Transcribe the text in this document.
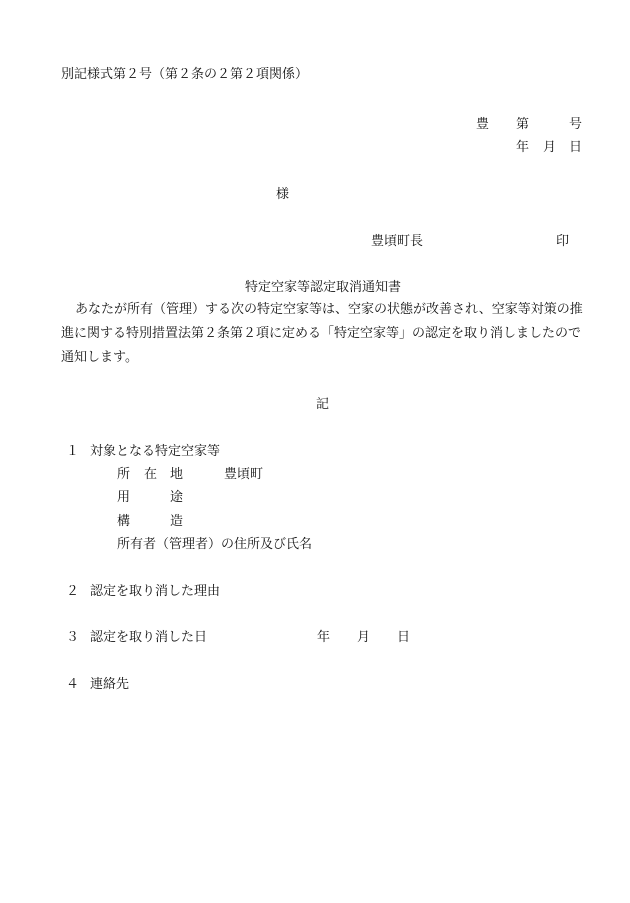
別記様式第２号（第２条の２第２項関係）
豊 第	号
年 月 日
様
豊頃町長	印
特定空家等認定取消通知書
あなたが所有（管理）する次の特定空家等は、空家の状態が改善され、空家等対策の推進に関する特別措置法第２条第２項に定める「特定空家等」の認定を取り消しましたので通知します。
記
１ 対象となる特定空家等
所 在 地	豊頃町
用	途
構	造
所有者（管理者）の住所及び氏名
２ 認定を取り消した理由
３ 認定を取り消した日	年 月 日
４ 連絡先
